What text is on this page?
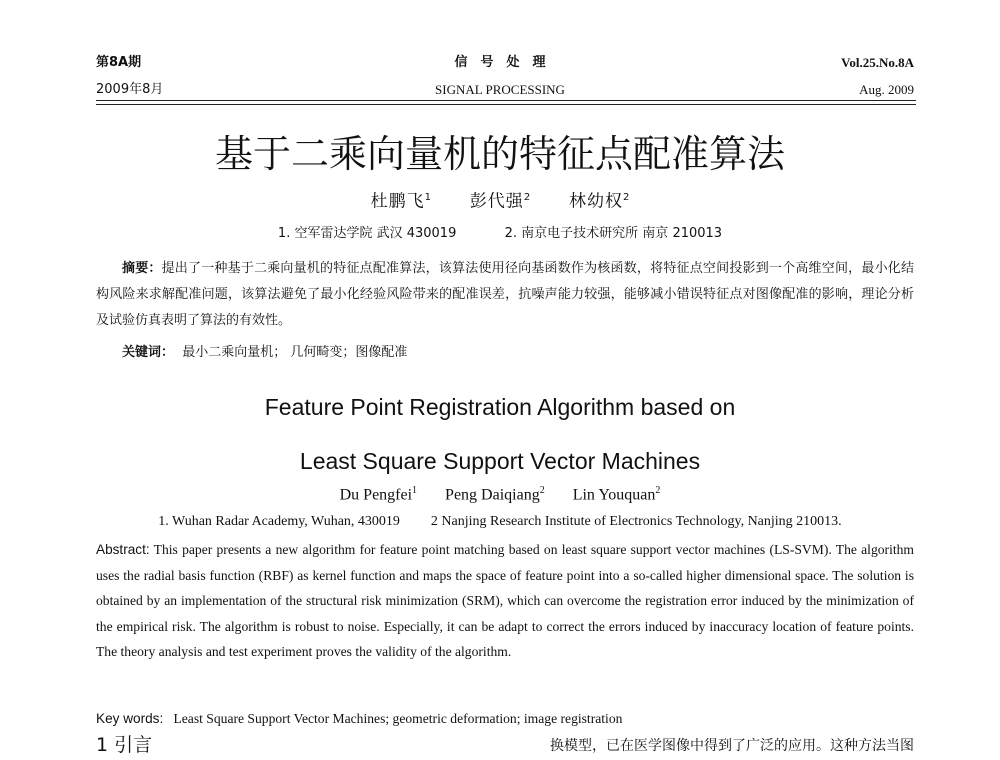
第8A期
2009年8月
信　号　处　理
SIGNAL PROCESSING
Vol.25.No.8A
Aug. 2009
基于二乘向量机的特征点配准算法
杜鹏飞$^1$ 彭代强$^2$ 林幼权$^2$
1. 空军雷达学院 武汉 430019	2. 南京电子技术研究所 南京 210013
摘要：提出了一种基于二乘向量机的特征点配准算法，该算法使用径向基函数作为核函数，将特征点空间投影到一个高维空间，最小化结构风险来求解配准问题，该算法避免了最小化经验风险带来的配准误差，抗噪声能力较强，能够减小错误特征点对图像配准的影响，理论分析及试验仿真表明了算法的有效性。
关键词： 最小二乘向量机； 几何畸变；图像配准
Feature Point Registration Algorithm based on
Least Square Support Vector Machines
Du Pengfei$^1$ Peng Daiqiang$^2$ Lin Youquan$^2$
1. Wuhan Radar Academy, Wuhan, 430019 2 Nanjing Research Institute of Electronics Technology, Nanjing 210013.
Abstract: This paper presents a new algorithm for feature point matching based on least square support vector machines (LS-SVM). The algorithm uses the radial basis function (RBF) as kernel function and maps the space of feature point into a so-called higher dimensional space. The solution is obtained by an implementation of the structural risk minimization (SRM), which can overcome the registration error induced by the minimization of the empirical risk. The algorithm is robust to noise. Especially, it can be adapt to correct the errors induced by inaccuracy location of feature points. The theory analysis and test experiment proves the validity of the algorithm.
Key words: Least Square Support Vector Machines; geometric deformation; image registration
1 引言	换模型，已在医学图像中得到了广泛的应用。这种方法当图
